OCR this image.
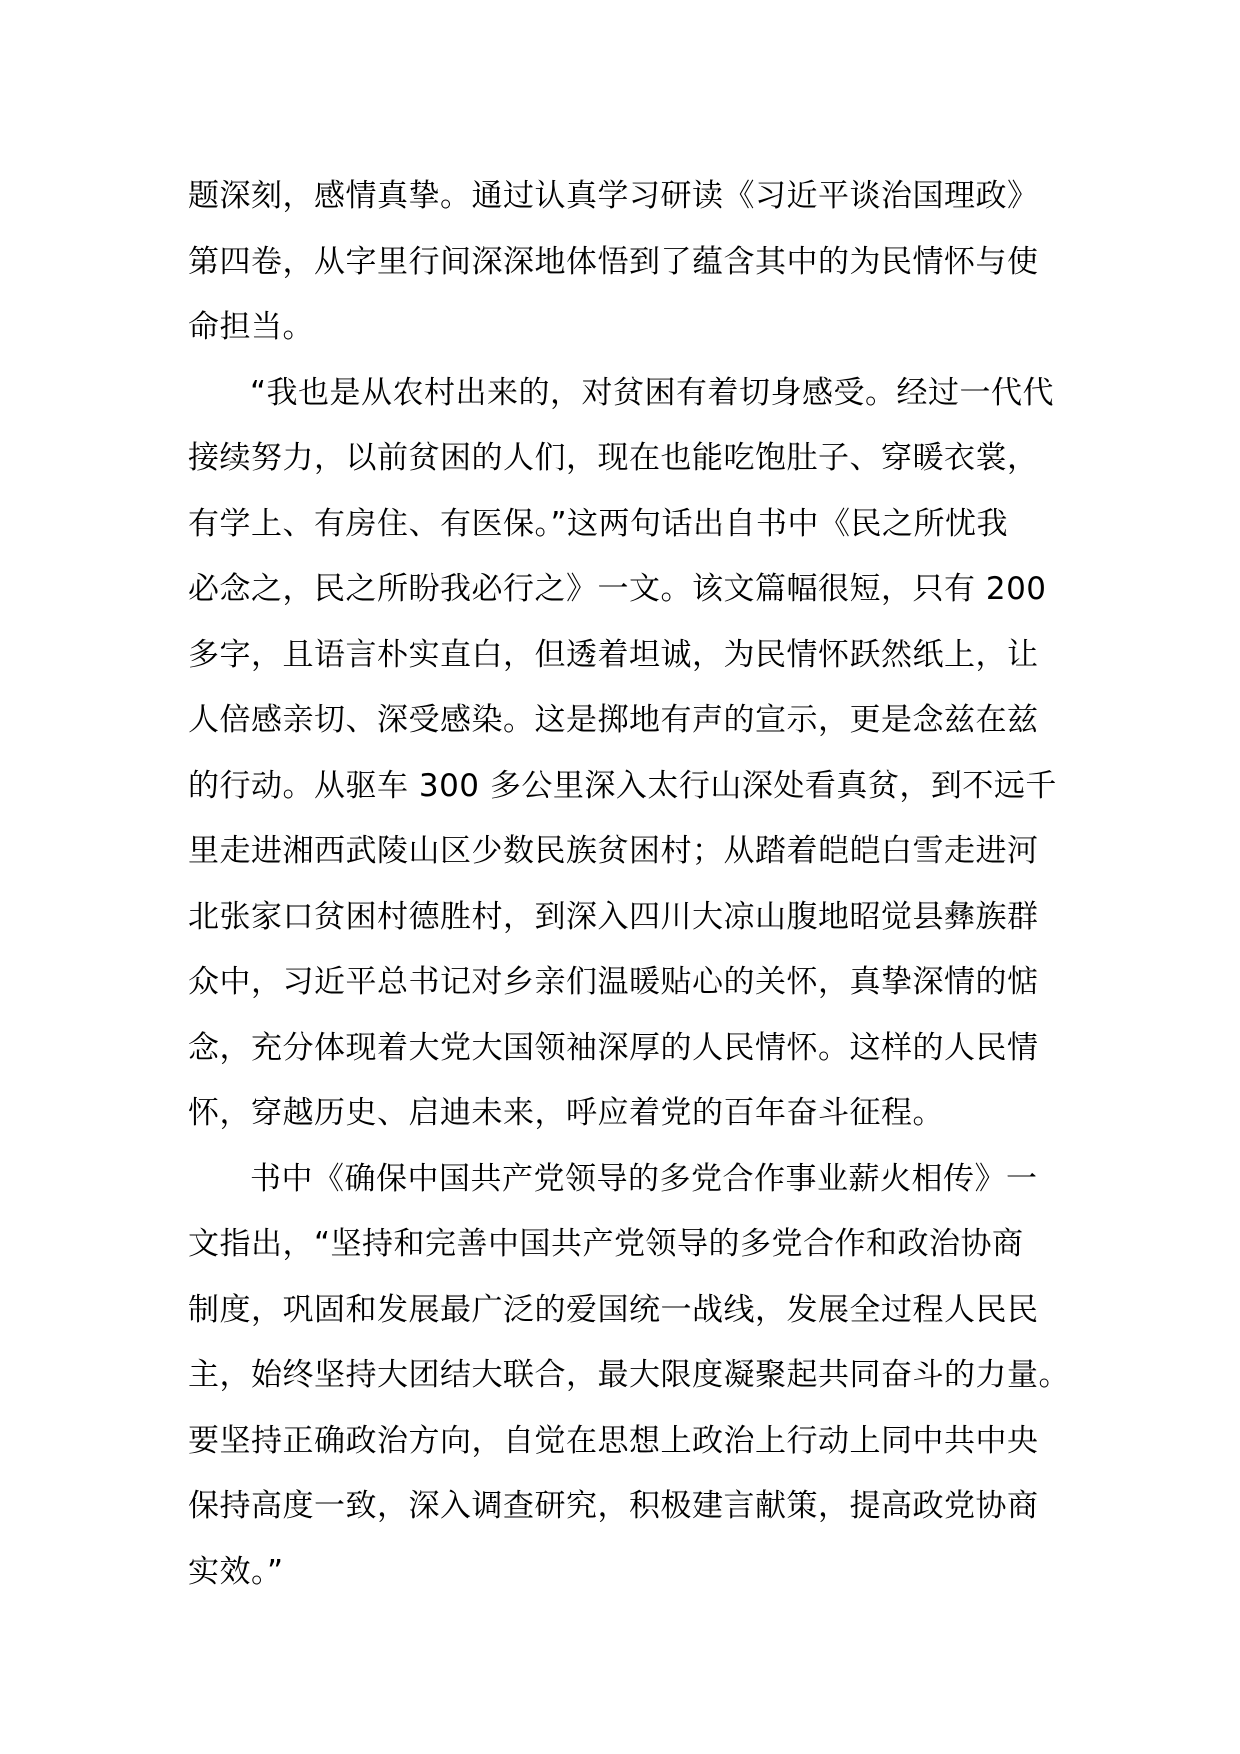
题深刻，感情真挚。通过认真学习研读《习近平谈治国理政》
第四卷，从字里行间深深地体悟到了蕴含其中的为民情怀与使
命担当。
“我也是从农村出来的，对贫困有着切身感受。经过一代代
接续努力，以前贫困的人们，现在也能吃饱肚子、穿暖衣裳，
有学上、有房住、有医保。”这两句话出自书中《民之所忧我
必念之，民之所盼我必行之》一文。该文篇幅很短，只有 200
多字，且语言朴实直白，但透着坦诚，为民情怀跃然纸上，让
人倍感亲切、深受感染。这是掷地有声的宣示，更是念兹在兹
的行动。从驱车 300 多公里深入太行山深处看真贫，到不远千
里走进湘西武陵山区少数民族贫困村；从踏着皑皑白雪走进河
北张家口贫困村德胜村，到深入四川大凉山腹地昭觉县彝族群
众中，习近平总书记对乡亲们温暖贴心的关怀，真挚深情的惦
念，充分体现着大党大国领袖深厚的人民情怀。这样的人民情
怀，穿越历史、启迪未来，呼应着党的百年奋斗征程。
书中《确保中国共产党领导的多党合作事业薪火相传》一
文指出，“坚持和完善中国共产党领导的多党合作和政治协商
制度，巩固和发展最广泛的爱国统一战线，发展全过程人民民
主，始终坚持大团结大联合，最大限度凝聚起共同奋斗的力量。
要坚持正确政治方向，自觉在思想上政治上行动上同中共中央
保持高度一致，深入调查研究，积极建言献策，提高政党协商
实效。”
